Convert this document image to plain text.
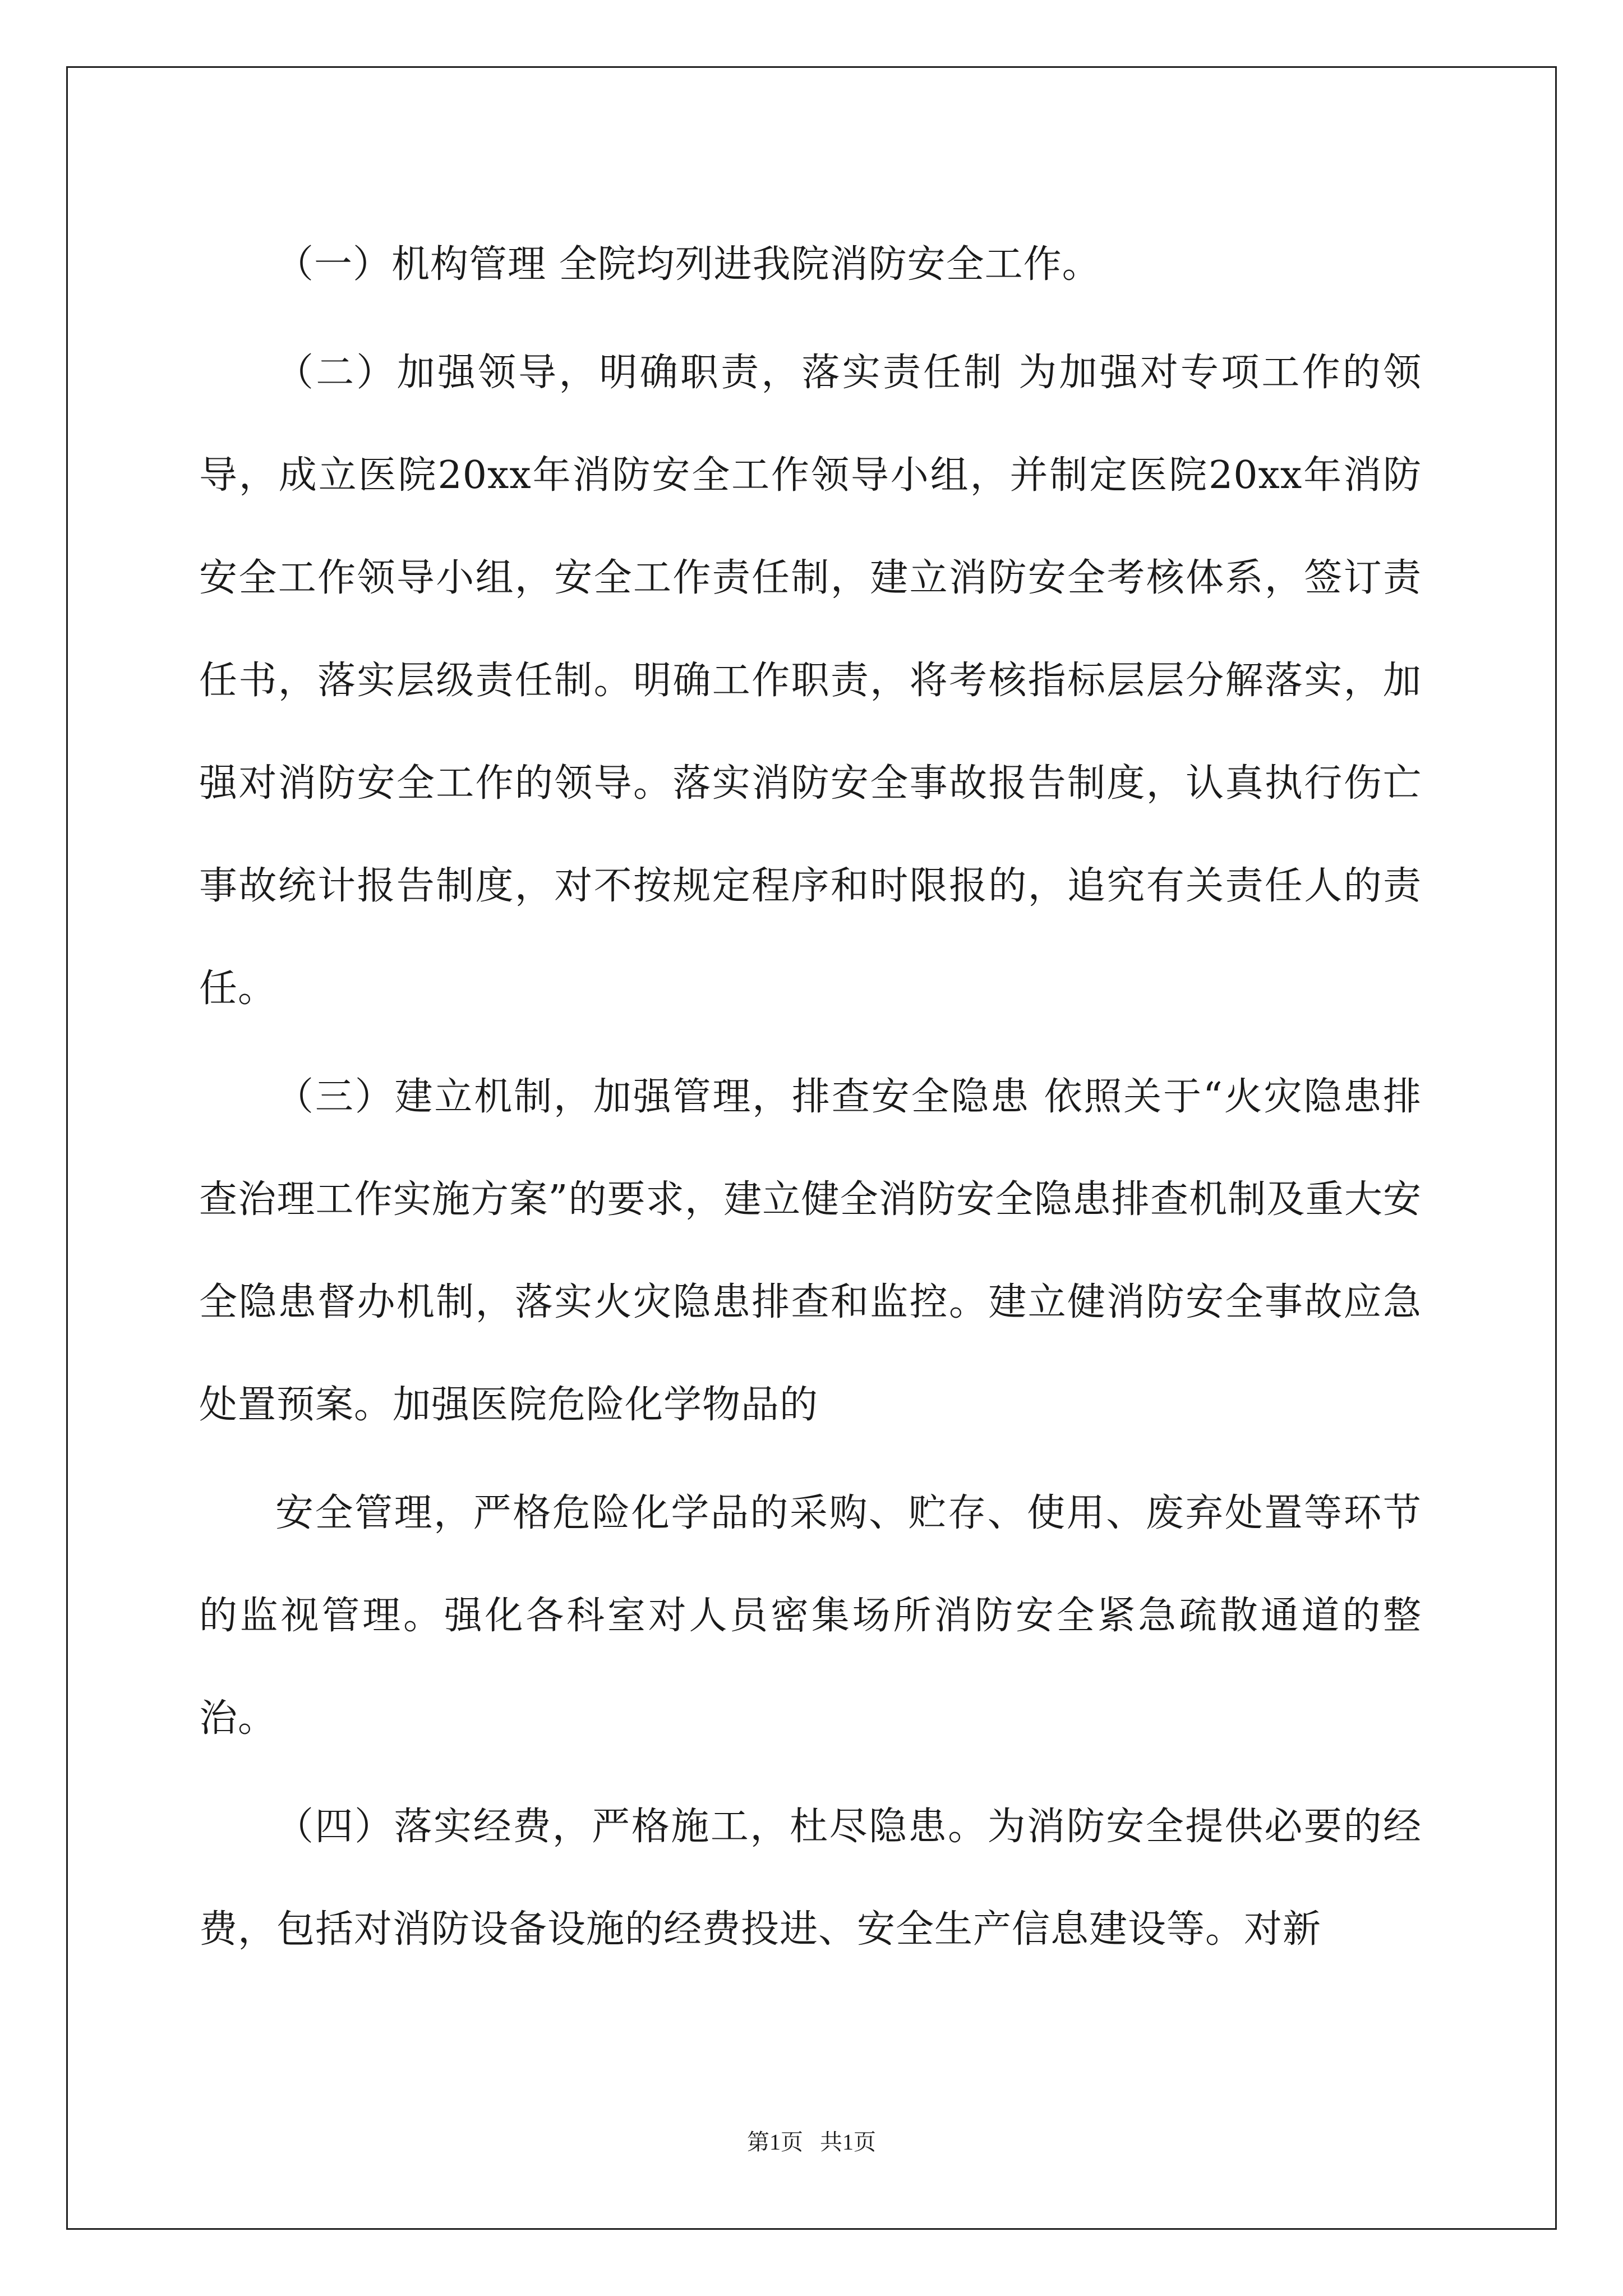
（一）机构管理 全院均列进我院消防安全工作。

（二）加强领导，明确职责，落实责任制 为加强对专项工作的领导，成立医院20xx年消防安全工作领导小组，并制定医院20xx年消防安全工作领导小组，安全工作责任制，建立消防安全考核体系，签订责任书，落实层级责任制。明确工作职责，将考核指标层层分解落实，加强对消防安全工作的领导。落实消防安全事故报告制度，认真执行伤亡事故统计报告制度，对不按规定程序和时限报的，追究有关责任人的责任。

（三）建立机制，加强管理，排查安全隐患 依照关于“火灾隐患排查治理工作实施方案”的要求，建立健全消防安全隐患排查机制及重大安全隐患督办机制，落实火灾隐患排查和监控。建立健消防安全事故应急处置预案。加强医院危险化学物品的

安全管理，严格危险化学品的采购、贮存、使用、废弃处置等环节的监视管理。强化各科室对人员密集场所消防安全紧急疏散通道的整治。

（四）落实经费，严格施工，杜尽隐患。为消防安全提供必要的经费，包括对消防设备设施的经费投进、安全生产信息建设等。对新

第1页   共1页
